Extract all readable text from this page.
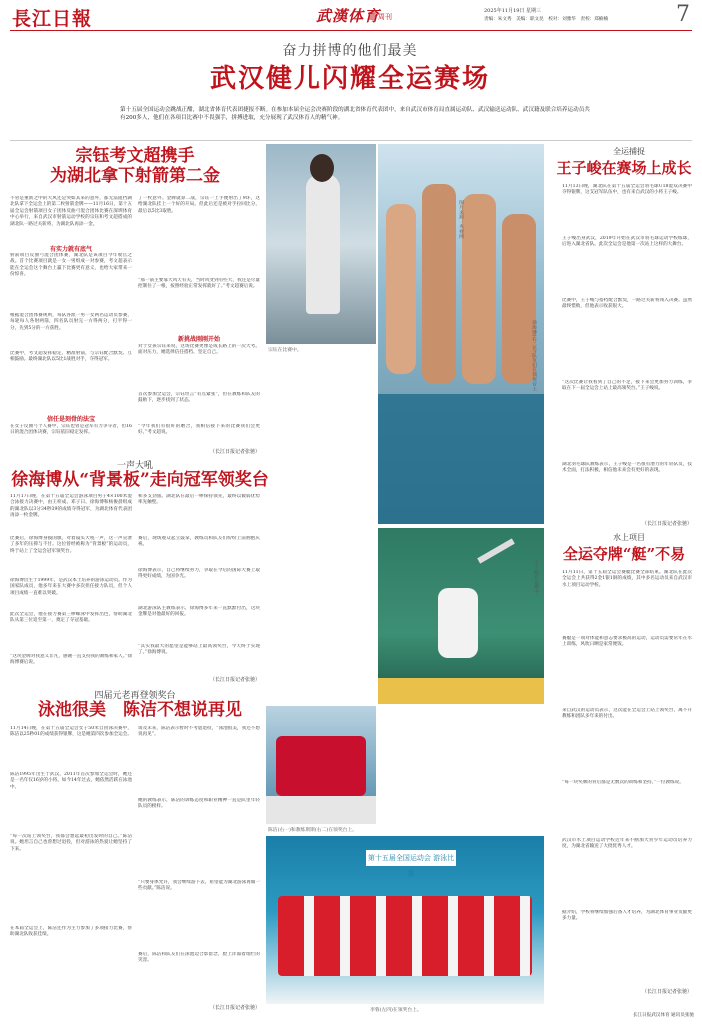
長江日報	武漢体育
周刊
2025年11月19日 星期三
责编：朱文秀　美编：职文昆　校对：刘雅华　责校：郑楠楠	7
奋力拼博的他们最美
武汉健儿闪耀全运赛场
第十五届全国运动会跳战正酣，湖北省体育代表团捷报不断。在参加本届全运会决赛阶段的湖北省体育代表团中，来自武汉市体育局直属运动队、武汉输送运动队、武汉籍及联合培养运动员共有200多人，他们在各项目比赛中不畏强手，拼搏进取，充分展现了武汉体育人的精气神。
宗钰考文超携手
为湖北拿下射箭第二金
不管是重新之中的大风还是突如其来的意外，都无法阻挡湖北队拿下全运会上的第二枚射箭金牌——11月16日，第十五届全运会射箭项目女子团体反曲弓混合团体比赛在深圳体育中心举行，来自武汉市射箭运动学校的宗钰和考文超搭成的湖北队一路过关斩将，为湖北队再添一金。
有实力就有底气
射箭项目反曲弓混合团体赛，湖北队是该项目今年收官之战。首个比赛项目就是一女一男组成一对参赛，考文超表示能在全运会这个舞台上赢下比赛更有意义，也给大家带来一份惊喜。
根据混合团体赛规则，每队各派一男一女两名运动员参赛，每轮每人各射两箭，四名队员射完一方得两分，打平得一分，先到5分的一方获胜。
比赛中，考文超发挥稳定、精准射箭，与宗钰配合默契、互相鼓励。最终湖北队以5比1战胜对手，夺得冠军。
信任是刻骨的法宝
在女子反曲弓个人赛中，宗钰也曾是冠军有力争夺者，但16日的混合团体决赛，宗钰依旧稳定发挥。
了一枚意外。金牌就算二战，宗钰一上手便射出了9环，这给湖北队挂上一个好的开局。但此后还是被对手拉回比分，最后以5比3取胜。
“那一箭主要靠大风天有关，当时风变到有些大，我还是尽量控制住了一根，按照经验正常发挥就好了。”考文超赛后说。
新挑战刚刚开始
对于女孩宗钰来说，这场比赛更像是成长路上的一次大考。面对压力，她选择信任搭档、坚定自己。
首次参加全运会，宗钰坦言“有点紧张”，但在教练和队友的鼓励下，逐步找到了状态。
“今年我们有很好的磨合，我相信接下来的比赛我们会更好。”考文超说。
（长江日报记者张驰）
宗钰在比赛中。
图片来源：央视网
徐海博(右二)与队友们在领奖台上
一声大吼
徐海博从“背景板”走向冠军领奖台
11月17日晚，在第十五届全运会游泳项目男子4×100米混合泳接力决赛中，由王梓成、邓子曰、徐海博和杨俊晨组成的湖北队以3分34秒39的成绩夺得冠军，为湖北体育代表团再添一枚金牌。
比赛后，徐海博身披国旗，对着镜头大吼一声，这一声宣泄了多年的压抑与不甘。这位曾经被称为“背景板”的运动员，终于站上了全运会冠军领奖台。
徐海博出生于1999年，是武汉本土培养的游泳运动员。作为国家队成员，他多年来在大赛中多次担任接力队员，但个人项目成绩一直难以突破。
此次全运会，他在接力赛第三棒蝶泳中发挥出色，帮助湖北队从第三位追至第一，奠定了夺冠基础。
“这块金牌对我意义非凡，感谢一直支持我的教练和家人。”徐海博赛后说。
和多支劲旅。湖北队在最后一棒保持领先，最终以微弱优势率先触壁。
赛后，现场观众起立鼓掌，教练员和队友们纷纷上前拥抱庆祝。
徐海博表示，自己将继续努力，争取在今后的国际大赛上取得更好成绩，为国争光。
湖北游泳队主教练表示，徐海博多年来一直默默付出，这块金牌是对他最好的回报。
“其实我最大的愿望是能够站上最高领奖台，今天终于实现了。”徐海博说。
（长江日报记者张驰）
王子峻在比赛中。
四届元老再登领奖台
泳池很美　陈洁不想说再见
11月14日晚，在第十五届全运会女子50米自由泳决赛中，陈洁以25秒01的成绩获得银牌，这是她第四次参加全运会。
陈洁1995年出生于武汉，2011年首次参加全运会时，她还是一名年仅16岁的小将。如今14年过去，她依然活跃在泳池中。
“每一次站上领奖台，我都会想起最初出发时的自己。”陈洁说。她坦言自己也曾想过退役，但对游泳的热爱让她坚持了下来。
在本届全运会上，陈洁还作为主力参加了多项接力比赛，帮助湖北队收获佳绩。
谈及未来，陈洁表示暂时不考虑退役，“泳池很美，我还不想说再见”。
她的教练表示，陈洁的训练态度和职业精神一直是队里年轻队员的榜样。
“只要身体允许，我会继续游下去，希望能为湖北游泳再做一些贡献。”陈洁说。
赛后，陈洁和队友们在泳池边合影留念，脸上洋溢着灿烂的笑容。
（长江日报记者张驰）
陈洁(右一)和教练斯斯(右二)在领奖台上。
第十五届全国运动会 游泳比赛
李蓉(左四)在领奖台上。
全运捕捉
王子峻在赛场上成长
11月13日晚，湖北队在第十五届全运会羽毛球U18混双决赛中夺得银牌，这支冠军队伍中，也有来自武汉的小将王子峻。
王子峻出身武汉，2019年开始在武汉市羽毛球运动学校练球，后进入湖北省队。此次全运会是他第一次站上这样的大舞台。
比赛中，王子峻与搭档配合默契，一路过关斩将闯入决赛。虽然最终惜败，但他表示收获很大。
“这次比赛让我看到了自己的不足，接下来会更加努力训练，争取在下一届全运会上站上最高领奖台。”王子峻说。
湖北羽毛球队教练表示，王子峻是一名很有潜力的年轻队员，技术全面，打法积极，相信他未来会有更好的表现。
（长江日报记者张驰）
水上项目
全运夺牌“艇”不易
11月11日，第十五届全运会赛艇比赛全部结束。湖北队在此次全运会上共获得2金1银1铜的成绩，其中多名运动员来自武汉市水上项目运动学校。
赛艇是一项对体能和意志要求极高的运动，运动员需要常年在水上训练，风吹日晒是家常便饭。
来自武汉的运动员表示，这次能在全运会上站上领奖台，离不开教练和团队多年来的付出。
“每一块奖牌的背后都是无数次的训练和坚持。”一位教练说。
武汉市水上项目运动学校近年来不断加大青少年运动员培养力度，为湖北省输送了大批优秀人才。
据介绍，学校将继续加强后备人才培养，为湖北体育事业贡献更多力量。
（长江日报记者张驰）
长江日报武汉体育 通讯员张驰
